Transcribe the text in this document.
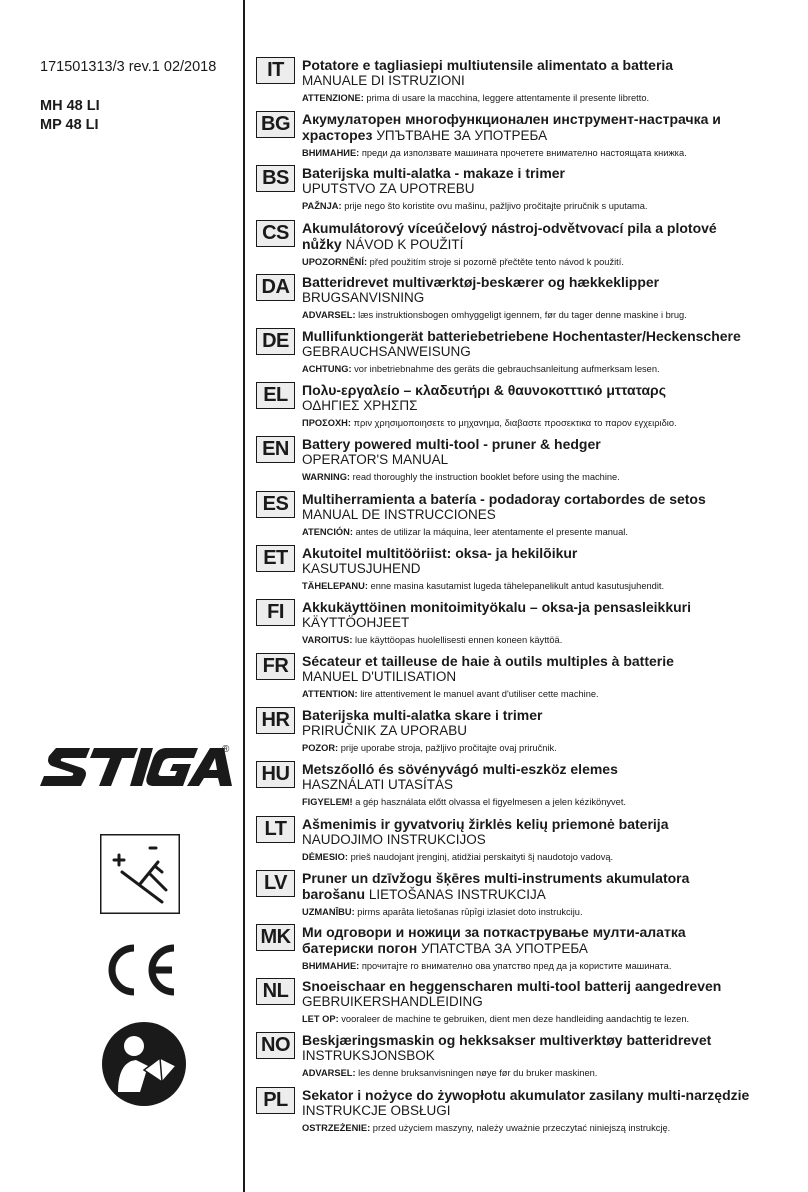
171501313/3 rev.1 02/2018
MH 48 LI
MP 48 LI
®
IT	Potatore e tagliasiepi multiutensile alimentato a batteria
MANUALE DI ISTRUZIONI
ATTENZIONE: prima di usare la macchina, leggere attentamente il presente libretto.
BG Акумулаторен многофункционален инструмент-настрачка и
храсторез УПЪТВАНЕ ЗА УПОТРЕБА
ВНИМАНИЕ: преди да използвате машината прочетете внимателно настоящата книжка.
BS Baterijska multi-alatka - makaze i trimer
UPUTSTVO ZA UPOTREBU
PAŽNJA: prije nego što koristite ovu mašinu, pažljivo pročitajte priručnik s uputama.
CS Akumulátorový víceúčelový nástroj-odvětvovací pila a plotové
nůžky NÁVOD K POUŽITÍ
UPOZORNĚNÍ: před použitím stroje si pozorně přečtěte tento návod k použití.
DA Batteridrevet multiværktøj-beskærer og hækkeklipper
BRUGSANVISNING
ADVARSEL: læs instruktionsbogen omhyggeligt igennem, før du tager denne maskine i brug.
DE Mullifunktiongerät batteriebetriebene Hochentaster/Heckenschere
GEBRAUCHSANWEISUNG
ACHTUNG: vor inbetriebnahme des geräts die gebrauchsanleitung aufmerksam lesen.
EL	Πολυ-εργαλείο – κλαδευτήρι & θαυνοκοτττικό μτταταρς
ΟΔΗΓΙΕΣ ΧΡΗΣΠΣ
ΠΡΟΣΟΧΗ: πριν χρησιμοποιησετε το μηχανημα, διαβαστε προσεκτικα το παρον εγχειριδιο.
EN Battery powered multi-tool - pruner & hedger
OPERATOR'S MANUAL
WARNING: read thoroughly the instruction booklet before using the machine.
ES Multiherramienta a batería - podadoray cortabordes de setos
MANUAL DE INSTRUCCIONES
ATENCIÓN: antes de utilizar la máquina, leer atentamente el presente manual.
ET	Akutoitel multitööriist: oksa- ja hekilõikur
KASUTUSJUHEND
TÄHELEPANU: enne masina kasutamist lugeda tähelepanelikult antud kasutusjuhendit.
FI	Akkukäyttöinen monitoimityökalu – oksa-ja pensasleikkuri
KÄYTTÖOHJEET
VAROITUS: lue käyttöopas huolellisesti ennen koneen käyttöä.
FR Sécateur et tailleuse de haie à outils multiples à batterie
MANUEL D'UTILISATION
ATTENTION: lire attentivement le manuel avant d'utiliser cette machine.
HR Baterijska multi-alatka skare i trimer
PRIRUČNIK ZA UPORABU
POZOR: prije uporabe stroja, pažljivo pročitajte ovaj priručnik.
HU Metszőolló és sövényvágó multi-eszköz elemes
HASZNÁLATI UTASÍTÁS
FIGYELEM! a gép használata előtt olvassa el figyelmesen a jelen kézikönyvet.
LT	Ašmenimis ir gyvatvorių žirklės kelių priemonė baterija
NAUDOJIMO INSTRUKCIJOS
DĖMESIO: prieš naudojant įrenginį, atidžiai perskaityti šį naudotojo vadovą.
LV	Pruner un dzīvžogu šķēres multi-instruments akumulatora
barošanu LIETOŠANAS INSTRUKCIJA
UZMANĪBU: pirms aparāta lietošanas rūpīgi izlasiet doto instrukciju.
MK Ми одговори и ножици за поткастрување мулти-алатка
батериски погон УПАТСТВА ЗА УПОТРЕБА
ВНИМАНИЕ: прочитајте го внимателно ова упатство пред да ја користите машината.
NL Snoeischaar en heggenscharen multi-tool batterij aangedreven
GEBRUIKERSHANDLEIDING
LET OP: vooraleer de machine te gebruiken, dient men deze handleiding aandachtig te lezen.
NO Beskjæringsmaskin og hekksakser multiverktøy batteridrevet
INSTRUKSJONSBOK
ADVARSEL: les denne bruksanvisningen nøye før du bruker maskinen.
PL	Sekator i nożyce do żywopłotu akumulator zasilany multi-narzędzie
INSTRUKCJE OBSŁUGI
OSTRZEŻENIE: przed użyciem maszyny, należy uważnie przeczytać niniejszą instrukcję.
